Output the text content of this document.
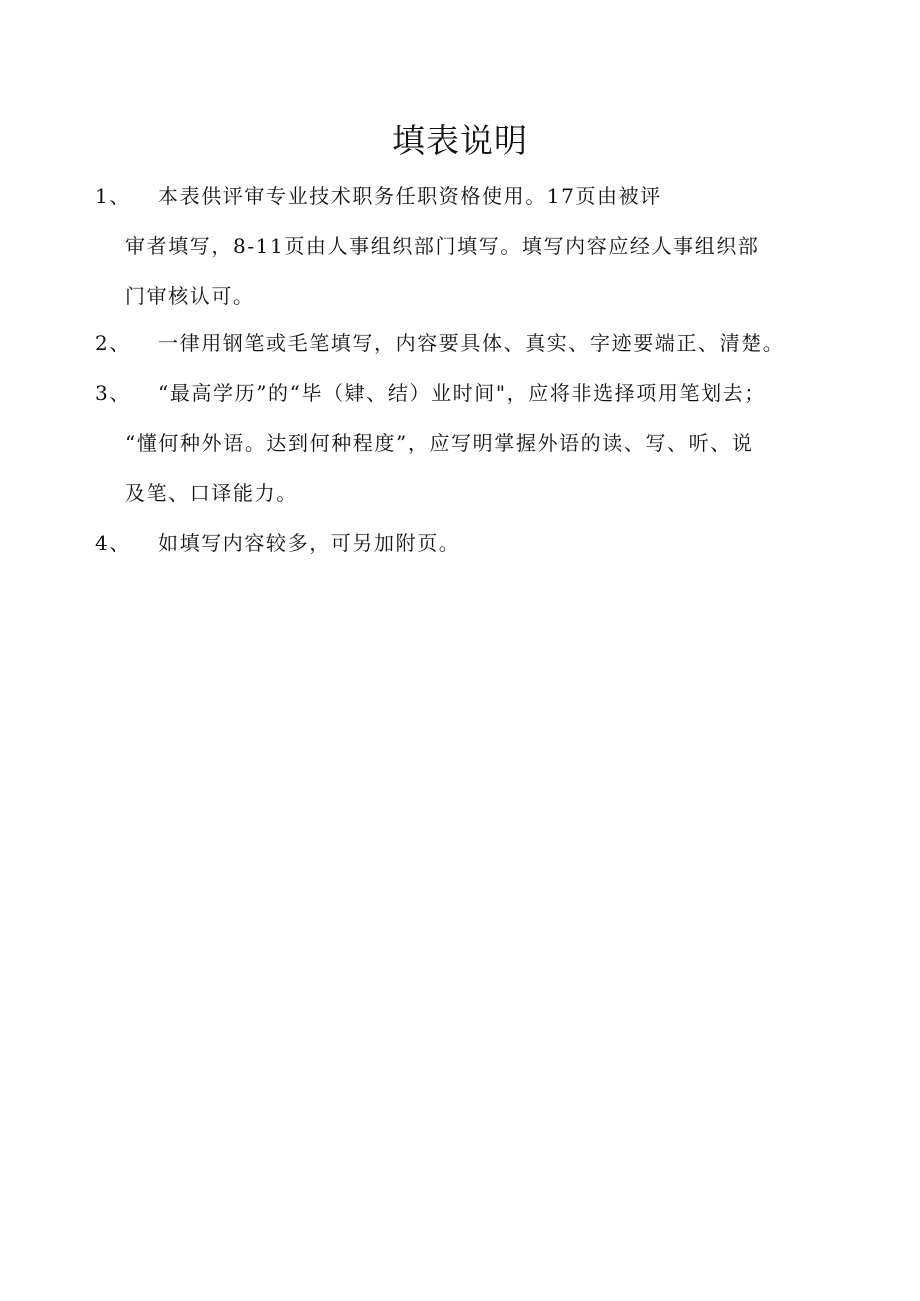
填表说明
1、 本表供评审专业技术职务任职资格使用。17页由被评
审者填写，8-11页由人事组织部门填写。填写内容应经人事组织部
门审核认可。
2、 一律用钢笔或毛笔填写，内容要具体、真实、字迹要端正、清楚。
3、 “最高学历”的“毕（肄、结）业时间"，应将非选择项用笔划去；
“懂何种外语。达到何种程度”，应写明掌握外语的读、写、听、说
及笔、口译能力。
4、 如填写内容较多，可另加附页。
